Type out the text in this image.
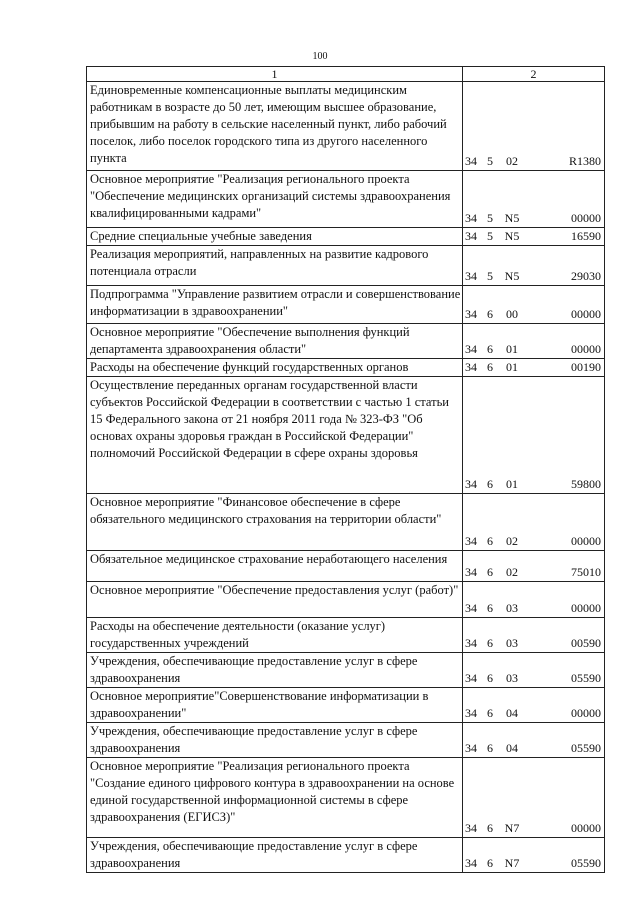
100
1	2
Единовременные компенсационные выплаты медицинским работникам в возрасте до 50 лет, имеющим высшее образование, прибывшим на работу в сельские населенный пункт, либо рабочий поселок, либо поселок городского типа из другого населенного пункта	34 5 02 R1380
Основное мероприятие "Реализация регионального проекта "Обеспечение медицинских организаций системы здравоохранения квалифицированными кадрами"	34 5 N5 00000
Средние специальные учебные заведения	34 5 N5 16590
Реализация мероприятий, направленных на развитие кадрового потенциала отрасли	34 5 N5 29030
Подпрограмма "Управление развитием отрасли и совершенствование информатизации в здравоохранении"	34 6 00 00000
Основное мероприятие "Обеспечение выполнения функций департамента здравоохранения области"	34 6 01 00000
Расходы на обеспечение функций государственных органов	34 6 01 00190
Осуществление переданных органам государственной власти субъектов Российской Федерации в соответствии с частью 1 статьи 15 Федерального закона от 21 ноября 2011 года № 323-ФЗ "Об основах охраны здоровья граждан в Российской Федерации" полномочий Российской Федерации в сфере охраны здоровья	34 6 01 59800
Основное мероприятие "Финансовое обеспечение в сфере обязательного медицинского страхования на территории области"	34 6 02 00000
Обязательное медицинское страхование неработающего населения	34 6 02 75010
Основное мероприятие "Обеспечение предоставления услуг (работ)"	34 6 03 00000
Расходы на обеспечение деятельности (оказание услуг) государственных учреждений	34 6 03 00590
Учреждения, обеспечивающие предоставление услуг в сфере здравоохранения	34 6 03 05590
Основное мероприятие"Совершенствование информатизации в здравоохранении"	34 6 04 00000
Учреждения, обеспечивающие предоставление услуг в сфере здравоохранения	34 6 04 05590
Основное мероприятие "Реализация регионального проекта "Создание единого цифрового контура в здравоохранении на основе единой государственной информационной системы в сфере здравоохранения (ЕГИСЗ)"	34 6 N7 00000
Учреждения, обеспечивающие предоставление услуг в сфере здравоохранения	34 6 N7 05590
